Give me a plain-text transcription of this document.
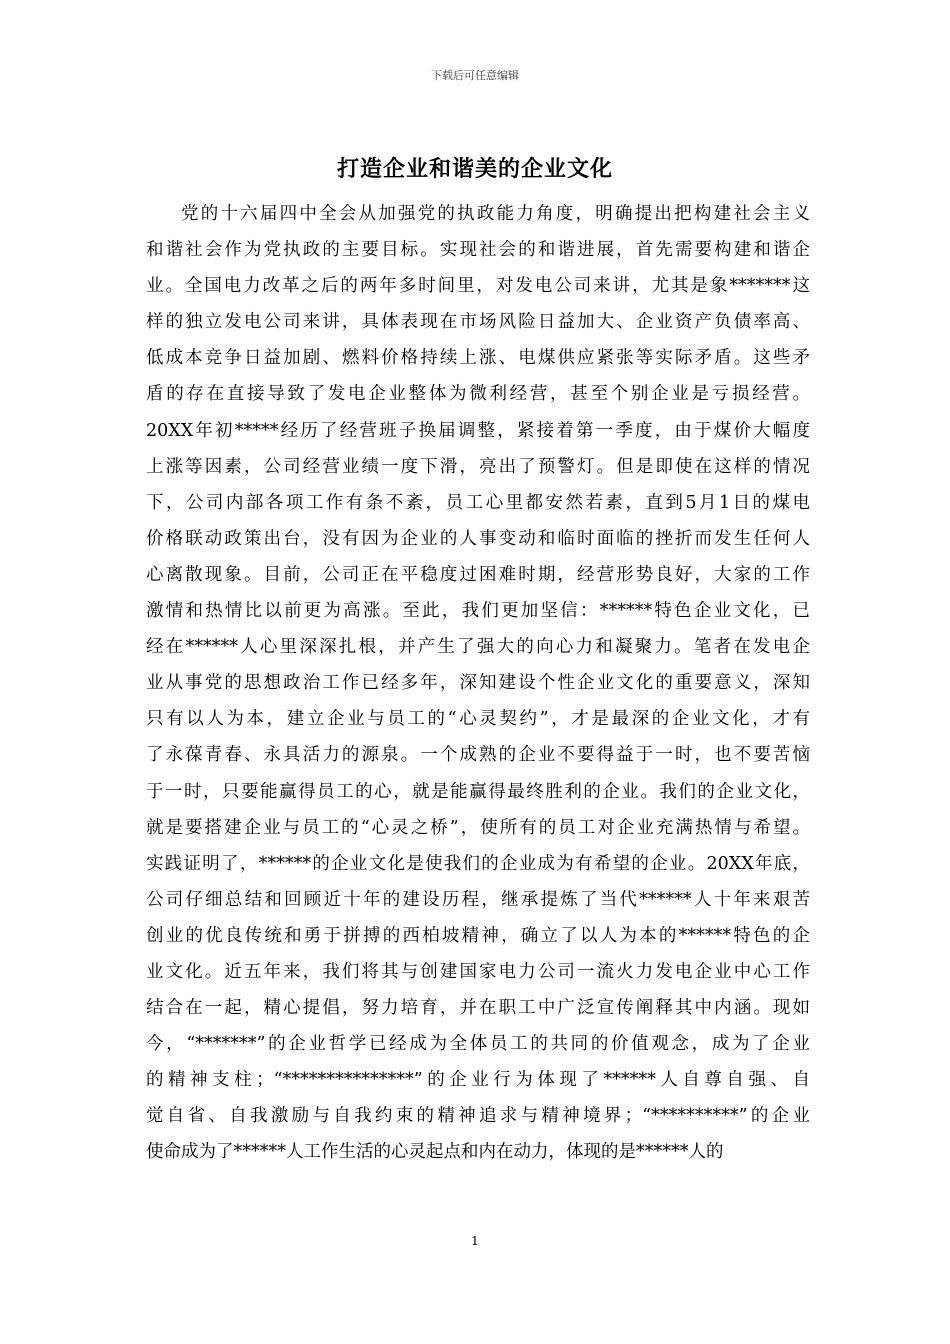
下载后可任意编辑
打造企业和谐美的企业文化
党的十六届四中全会从加强党的执政能力角度，明确提出把构建社会主义
和谐社会作为党执政的主要目标。实现社会的和谐进展，首先需要构建和谐企
业。全国电力改革之后的两年多时间里，对发电公司来讲，尤其是象*******这
样的独立发电公司来讲，具体表现在市场风险日益加大、企业资产负债率高、
低成本竞争日益加剧、燃料价格持续上涨、电煤供应紧张等实际矛盾。这些矛
盾的存在直接导致了发电企业整体为微利经营，甚至个别企业是亏损经营。
20XX年初*****经历了经营班子换届调整，紧接着第一季度，由于煤价大幅度
上涨等因素，公司经营业绩一度下滑，亮出了预警灯。但是即使在这样的情况
下，公司内部各项工作有条不紊，员工心里都安然若素，直到5月1日的煤电
价格联动政策出台，没有因为企业的人事变动和临时面临的挫折而发生任何人
心离散现象。目前，公司正在平稳度过困难时期，经营形势良好，大家的工作
激情和热情比以前更为高涨。至此，我们更加坚信：******特色企业文化，已
经在******人心里深深扎根，并产生了强大的向心力和凝聚力。笔者在发电企
业从事党的思想政治工作已经多年，深知建设个性企业文化的重要意义，深知
只有以人为本，建立企业与员工的“心灵契约”，才是最深的企业文化，才有
了永葆青春、永具活力的源泉。一个成熟的企业不要得益于一时，也不要苦恼
于一时，只要能赢得员工的心，就是能赢得最终胜利的企业。我们的企业文化，
就是要搭建企业与员工的“心灵之桥”，使所有的员工对企业充满热情与希望。
实践证明了，******的企业文化是使我们的企业成为有希望的企业。20XX年底，
公司仔细总结和回顾近十年的建设历程，继承提炼了当代******人十年来艰苦
创业的优良传统和勇于拼搏的西柏坡精神，确立了以人为本的******特色的企
业文化。近五年来，我们将其与创建国家电力公司一流火力发电企业中心工作
结合在一起，精心提倡，努力培育，并在职工中广泛宣传阐释其中内涵。现如
今，“*******”的企业哲学已经成为全体员工的共同的价值观念，成为了企业
的精神支柱；“***************”的企业行为体现了******人自尊自强、自
觉自省、自我激励与自我约束的精神追求与精神境界；“**********”的企业
使命成为了******人工作生活的心灵起点和内在动力，体现的是******人的
1
